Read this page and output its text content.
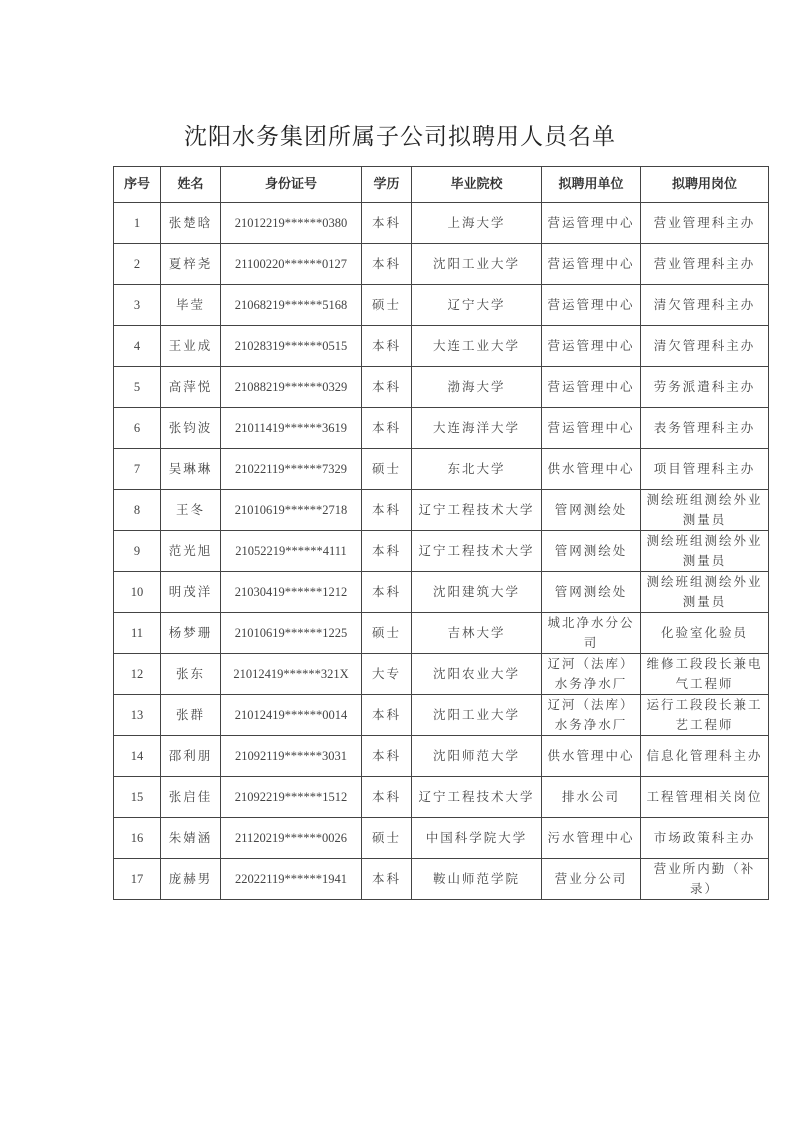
沈阳水务集团所属子公司拟聘用人员名单
序号	姓名	身份证号	学历	毕业院校	拟聘用单位	拟聘用岗位
1	张楚晗	21012219******0380	本科	上海大学	营运管理中心	营业管理科主办
2	夏梓尧	21100220******0127	本科	沈阳工业大学	营运管理中心	营业管理科主办
3	毕莹	21068219******5168	硕士	辽宁大学	营运管理中心	清欠管理科主办
4	王业成	21028319******0515	本科	大连工业大学	营运管理中心	清欠管理科主办
5	高萍悦	21088219******0329	本科	渤海大学	营运管理中心	劳务派遣科主办
6	张钧波	21011419******3619	本科	大连海洋大学	营运管理中心	表务管理科主办
7	吴琳琳	21022119******7329	硕士	东北大学	供水管理中心	项目管理科主办
8	王冬	21010619******2718	本科	辽宁工程技术大学	管网测绘处	测绘班组测绘外业测量员
9	范光旭	21052219******4111	本科	辽宁工程技术大学	管网测绘处	测绘班组测绘外业测量员
10	明茂洋	21030419******1212	本科	沈阳建筑大学	管网测绘处	测绘班组测绘外业测量员
11	杨梦珊	21010619******1225	硕士	吉林大学	城北净水分公司	化验室化验员
12	张东	21012419******321X	大专	沈阳农业大学	辽河（法库）水务净水厂	维修工段段长兼电气工程师
13	张群	21012419******0014	本科	沈阳工业大学	辽河（法库）水务净水厂	运行工段段长兼工艺工程师
14	邵利朋	21092119******3031	本科	沈阳师范大学	供水管理中心	信息化管理科主办
15	张启佳	21092219******1512	本科	辽宁工程技术大学	排水公司	工程管理相关岗位
16	朱婧涵	21120219******0026	硕士	中国科学院大学	污水管理中心	市场政策科主办
17	庞赫男	22022119******1941	本科	鞍山师范学院	营业分公司	营业所内勤（补录）
